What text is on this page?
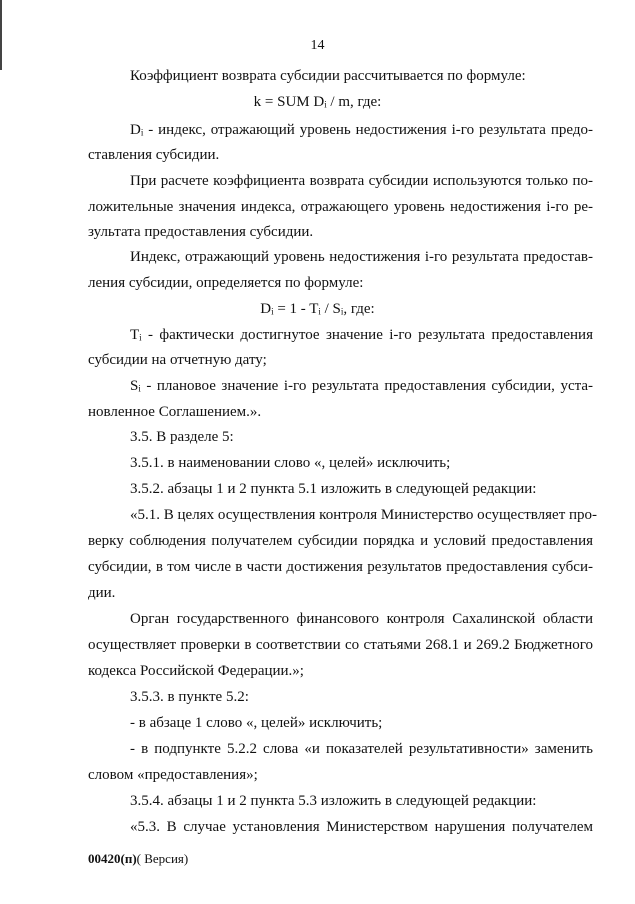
14
Коэффициент возврата субсидии рассчитывается по формуле:
k = SUM Dᵢ / m, где:
Dᵢ - индекс, отражающий уровень недостижения i-го результата предо-
ставления субсидии.
При расчете коэффициента возврата субсидии используются только по-
ложительные значения индекса, отражающего уровень недостижения i-го ре-
зультата предоставления субсидии.
Индекс, отражающий уровень недостижения i-го результата предостав-
ления субсидии, определяется по формуле:
Dᵢ = 1 - Tᵢ / Sᵢ, где:
Tᵢ - фактически достигнутое значение i-го результата предоставления
субсидии на отчетную дату;
Sᵢ - плановое значение i-го результата предоставления субсидии, уста-
новленное Соглашением.».
3.5. В разделе 5:
3.5.1. в наименовании слово «, целей» исключить;
3.5.2. абзацы 1 и 2 пункта 5.1 изложить в следующей редакции:
«5.1. В целях осуществления контроля Министерство осуществляет про-
верку соблюдения получателем субсидии порядка и условий предоставления
субсидии, в том числе в части достижения результатов предоставления субси-
дии.
Орган государственного финансового контроля Сахалинской области
осуществляет проверки в соответствии со статьями 268.1 и 269.2 Бюджетного
кодекса Российской Федерации.»;
3.5.3. в пункте 5.2:
- в абзаце 1 слово «, целей» исключить;
- в подпункте 5.2.2 слова «и показателей результативности» заменить
словом «предоставления»;
3.5.4. абзацы 1 и 2 пункта 5.3 изложить в следующей редакции:
«5.3. В случае установления Министерством нарушения получателем
00420(п)( Версия)
